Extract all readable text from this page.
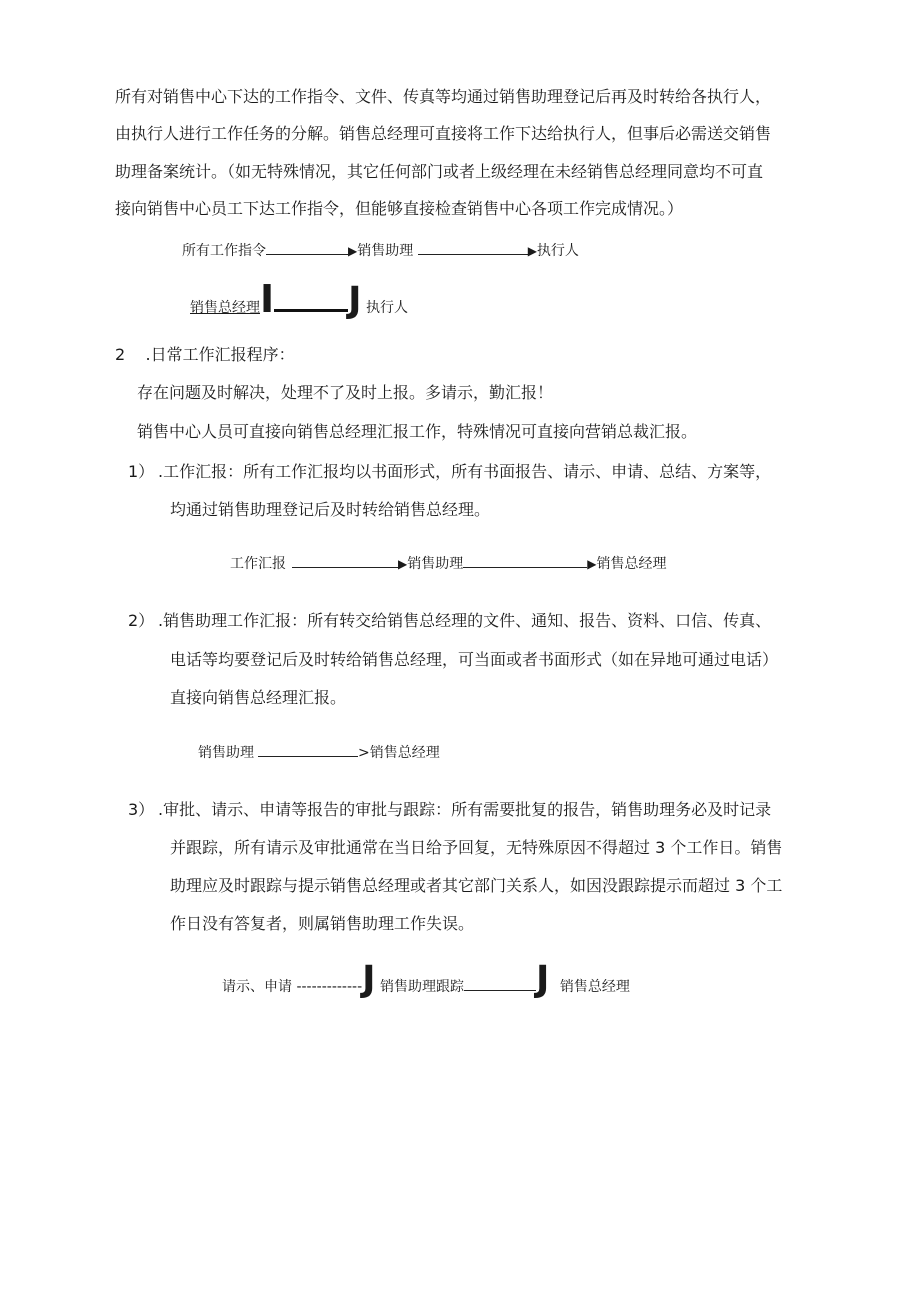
所有对销售中心下达的工作指令、文件、传真等均通过销售助理登记后再及时转给各执行人，
由执行人进行工作任务的分解。销售总经理可直接将工作下达给执行人，但事后必需送交销售
助理备案统计。（如无特殊情况，其它任何部门或者上级经理在未经销售总经理同意均不可直
接向销售中心员工下达工作指令，但能够直接检查销售中心各项工作完成情况。）
所有工作指令	▶销售助理	▶执行人
销售总经理I J 执行人
2 .日常工作汇报程序：
存在问题及时解决，处理不了及时上报。多请示，勤汇报！
销售中心人员可直接向销售总经理汇报工作，特殊情况可直接向营销总裁汇报。
1） .工作汇报：所有工作汇报均以书面形式，所有书面报告、请示、申请、总结、方案等，
均通过销售助理登记后及时转给销售总经理。
工作汇报	▶销售助理	▶销售总经理
2） .销售助理工作汇报：所有转交给销售总经理的文件、通知、报告、资料、口信、传真、
电话等均要登记后及时转给销售总经理，可当面或者书面形式（如在异地可通过电话）
直接向销售总经理汇报。
销售助理	>销售总经理
3） .审批、请示、申请等报告的审批与跟踪：所有需要批复的报告，销售助理务必及时记录
并跟踪，所有请示及审批通常在当日给予回复，无特殊原因不得超过 3 个工作日。销售
助理应及时跟踪与提示销售总经理或者其它部门关系人，如因没跟踪提示而超过 3 个工
作日没有答复者，则属销售助理工作失误。
请示、申请 -------------J 销售助理跟踪 J 销售总经理
